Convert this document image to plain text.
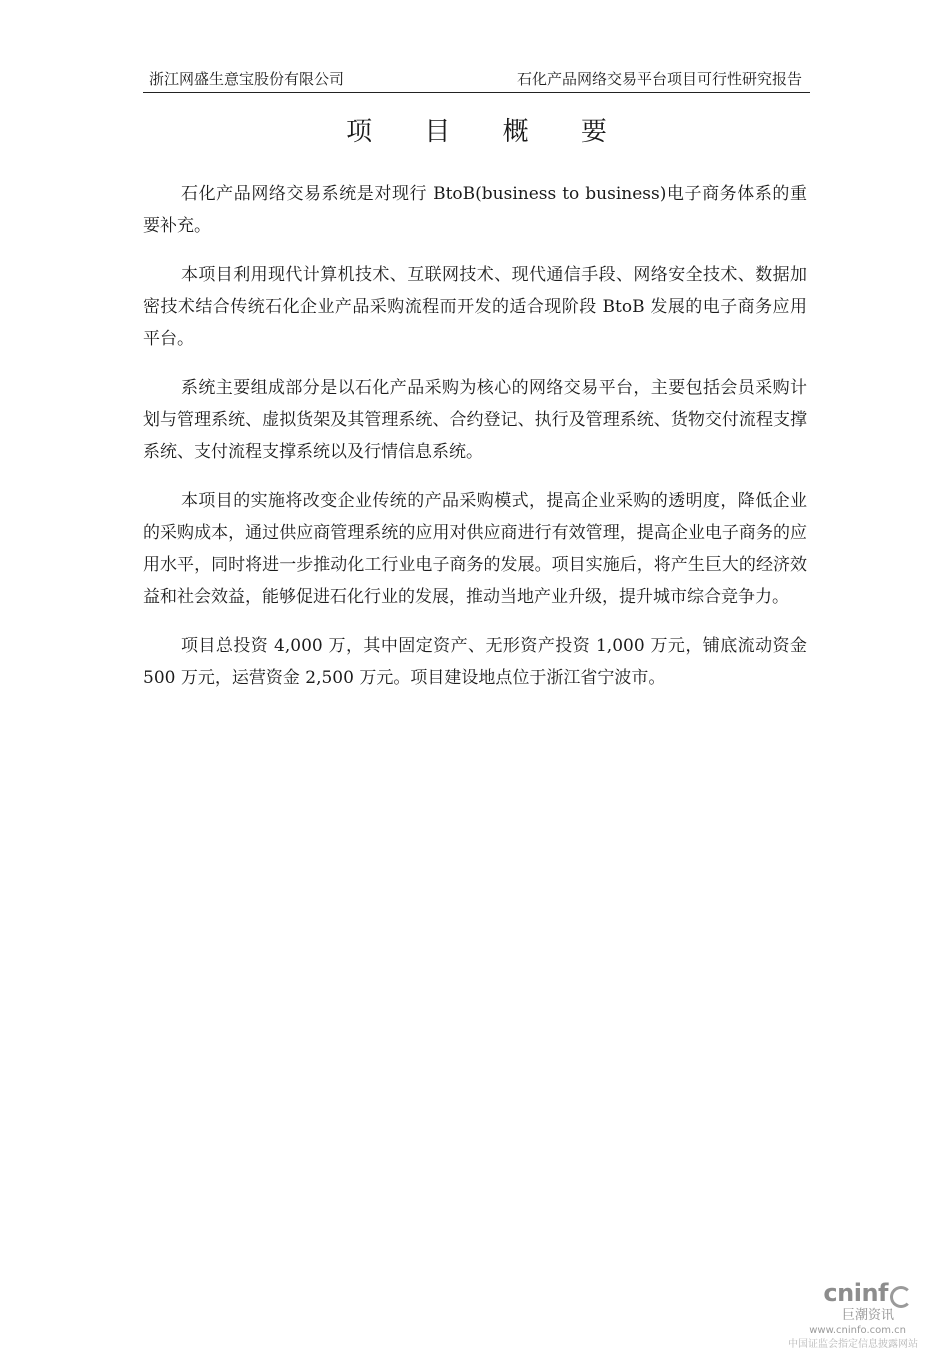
浙江网盛生意宝股份有限公司	石化产品网络交易平台项目可行性研究报告
项 目 概 要

石化产品网络交易系统是对现行 BtoB(business to business)电子商务体系的重要补充。

本项目利用现代计算机技术、互联网技术、现代通信手段、网络安全技术、数据加密技术结合传统石化企业产品采购流程而开发的适合现阶段 BtoB 发展的电子商务应用平台。

系统主要组成部分是以石化产品采购为核心的网络交易平台，主要包括会员采购计划与管理系统、虚拟货架及其管理系统、合约登记、执行及管理系统、货物交付流程支撑系统、支付流程支撑系统以及行情信息系统。

本项目的实施将改变企业传统的产品采购模式，提高企业采购的透明度，降低企业的采购成本，通过供应商管理系统的应用对供应商进行有效管理，提高企业电子商务的应用水平，同时将进一步推动化工行业电子商务的发展。项目实施后，将产生巨大的经济效益和社会效益，能够促进石化行业的发展，推动当地产业升级，提升城市综合竞争力。

项目总投资 4,000 万，其中固定资产、无形资产投资 1,000 万元，铺底流动资金 500 万元，运营资金 2,500 万元。项目建设地点位于浙江省宁波市。

cninf
巨潮资讯
www.cninfo.com.cn
中国证监会指定信息披露网站
